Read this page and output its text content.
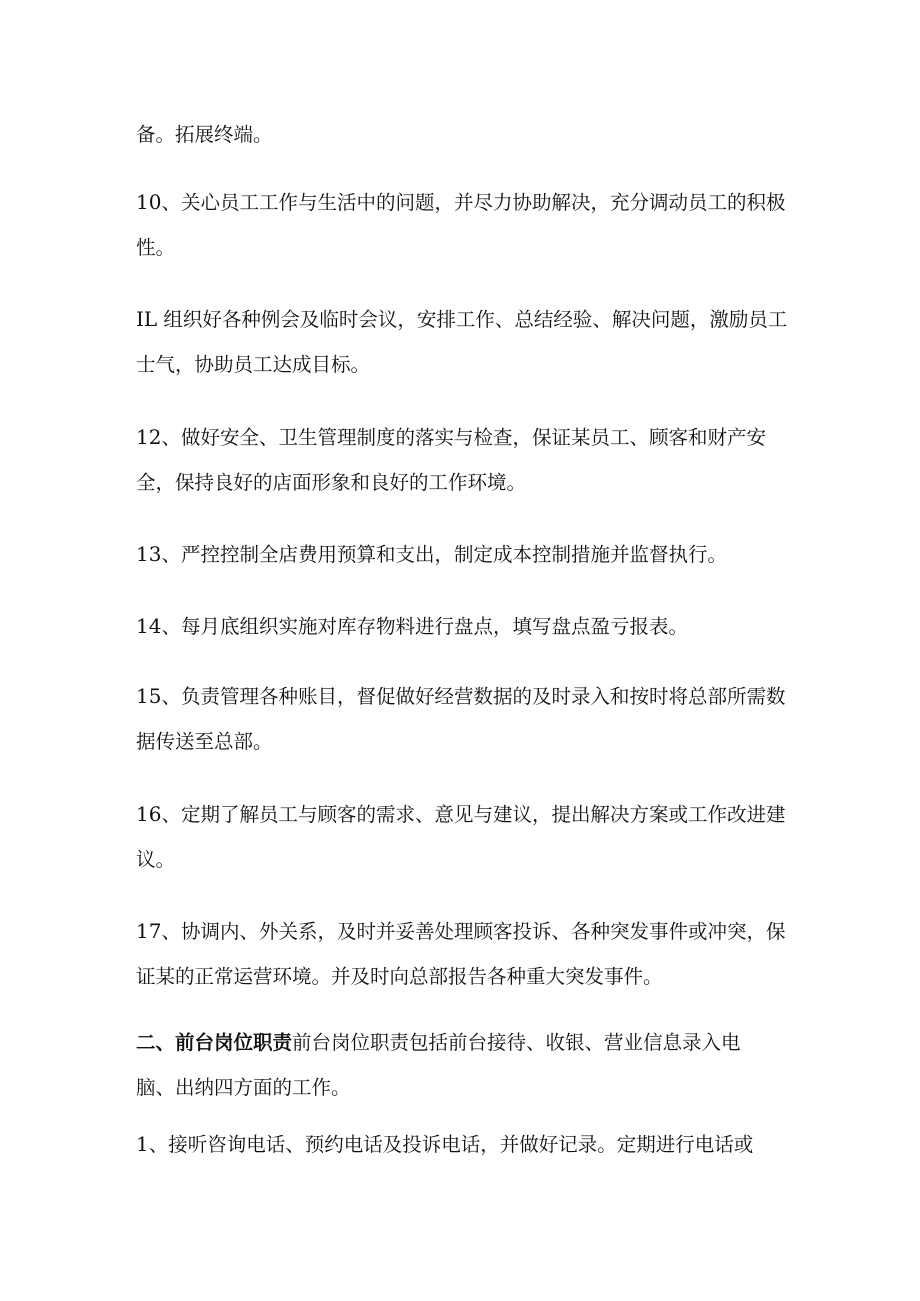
备。拓展终端。

10、关心员工工作与生活中的问题，并尽力协助解决，充分调动员工的积极性。

IL 组织好各种例会及临时会议，安排工作、总结经验、解决问题，激励员工士气，协助员工达成目标。

12、做好安全、卫生管理制度的落实与检查，保证某员工、顾客和财产安全，保持良好的店面形象和良好的工作环境。

13、严控控制全店费用预算和支出，制定成本控制措施并监督执行。

14、每月底组织实施对库存物料进行盘点，填写盘点盈亏报表。

15、负责管理各种账目，督促做好经营数据的及时录入和按时将总部所需数据传送至总部。

16、定期了解员工与顾客的需求、意见与建议，提出解决方案或工作改进建议。

17、协调内、外关系，及时并妥善处理顾客投诉、各种突发事件或冲突，保证某的正常运营环境。并及时向总部报告各种重大突发事件。

二、前台岗位职责前台岗位职责包括前台接待、收银、营业信息录入电脑、出纳四方面的工作。

1、接听咨询电话、预约电话及投诉电话，并做好记录。定期进行电话或
